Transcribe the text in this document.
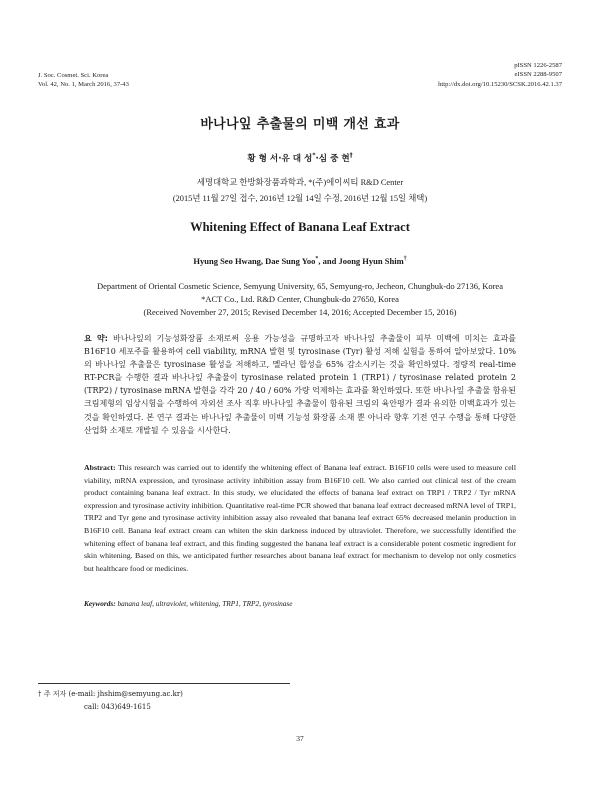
J. Soc. Cosmet. Sci. Korea
Vol. 42, No. 1, March 2016, 37-43
pISSN 1226-2587
eISSN 2288-9507
http://dx.doi.org/10.15230/SCSK.2016.42.1.37
바나나잎 추출물의 미백 개선 효과
황 형 서·유 대 성*·심 중 현†
세명대학교 한방화장품과학과, *(주)에이씨티 R&D Center
(2015년 11월 27일 접수, 2016년 12월 14일 수정, 2016년 12월 15일 채택)
Whitening Effect of Banana Leaf Extract
Hyung Seo Hwang, Dae Sung Yoo*, and Joong Hyun Shim†
Department of Oriental Cosmetic Science, Semyung University, 65, Semyung-ro, Jecheon, Chungbuk-do 27136, Korea
*ACT Co., Ltd. R&D Center, Chungbuk-do 27650, Korea
(Received November 27, 2015; Revised December 14, 2016; Accepted December 15, 2016)
요 약: 바나나잎의 기능성화장품 소재로써 응용 가능성을 규명하고자 바나나잎 추출물이 피부 미백에 미치는 효과를 B16F10 세포주를 활용하여 cell viability, mRNA 발현 및 tyrosinase (Tyr) 활성 저해 실험을 통하여 알아보았다. 10%의 바나나잎 추출물은 tyrosinase 활성을 저해하고, 멜라닌 합성을 65% 감소시키는 것을 확인하였다. 정량적 real-time RT-PCR을 수행한 결과 바나나잎 추출물이 tyrosinase related protein 1 (TRP1) / tyrosinase related protein 2 (TRP2) / tyrosinase mRNA 발현을 각각 20 / 40 / 60% 가량 억제하는 효과를 확인하였다. 또한 바나나잎 추출물 함유된 크림제형의 임상시험을 수행하여 자외선 조사 직후 바나나잎 추출물이 함유된 크림의 육안평가 결과 유의한 미백효과가 있는 것을 확인하였다. 본 연구 결과는 바나나잎 추출물이 미백 기능성 화장품 소재 뿐 아니라 향후 기전 연구 수행을 통해 다양한 산업화 소재로 개발될 수 있음을 시사한다.
Abstract: This research was carried out to identify the whitening effect of Banana leaf extract. B16F10 cells were used to measure cell viability, mRNA expression, and tyrosinase activity inhibition assay from B16F10 cell. We also carried out clinical test of the cream product containing banana leaf extract. In this study, we elucidated the effects of banana leaf extract on TRP1 / TRP2 / Tyr mRNA expression and tyrosinase activity inhibition. Quantitative real-time PCR showed that banana leaf extract decreased mRNA level of TRP1, TRP2 and Tyr gene and tyrosinase activity inhibition assay also revealed that banana leaf extract 65% decreased melanin production in B16F10 cell. Banana leaf extract cream can whiten the skin darkness induced by ultraviolet. Therefore, we successfully identified the whitening effect of banana leaf extract, and this finding suggested the banana leaf extract is a considerable potent cosmetic ingredient for skin whitening. Based on this, we anticipated further researches about banana leaf extract for mechanism to develop not only cosmetics but healthcare food or medicines.
Keywords: banana leaf, ultraviolet, whitening, TRP1, TRP2, tyrosinase
† 주 저자 (e-mail: jhshim@semyung.ac.kr)
call: 043)649-1615
37
